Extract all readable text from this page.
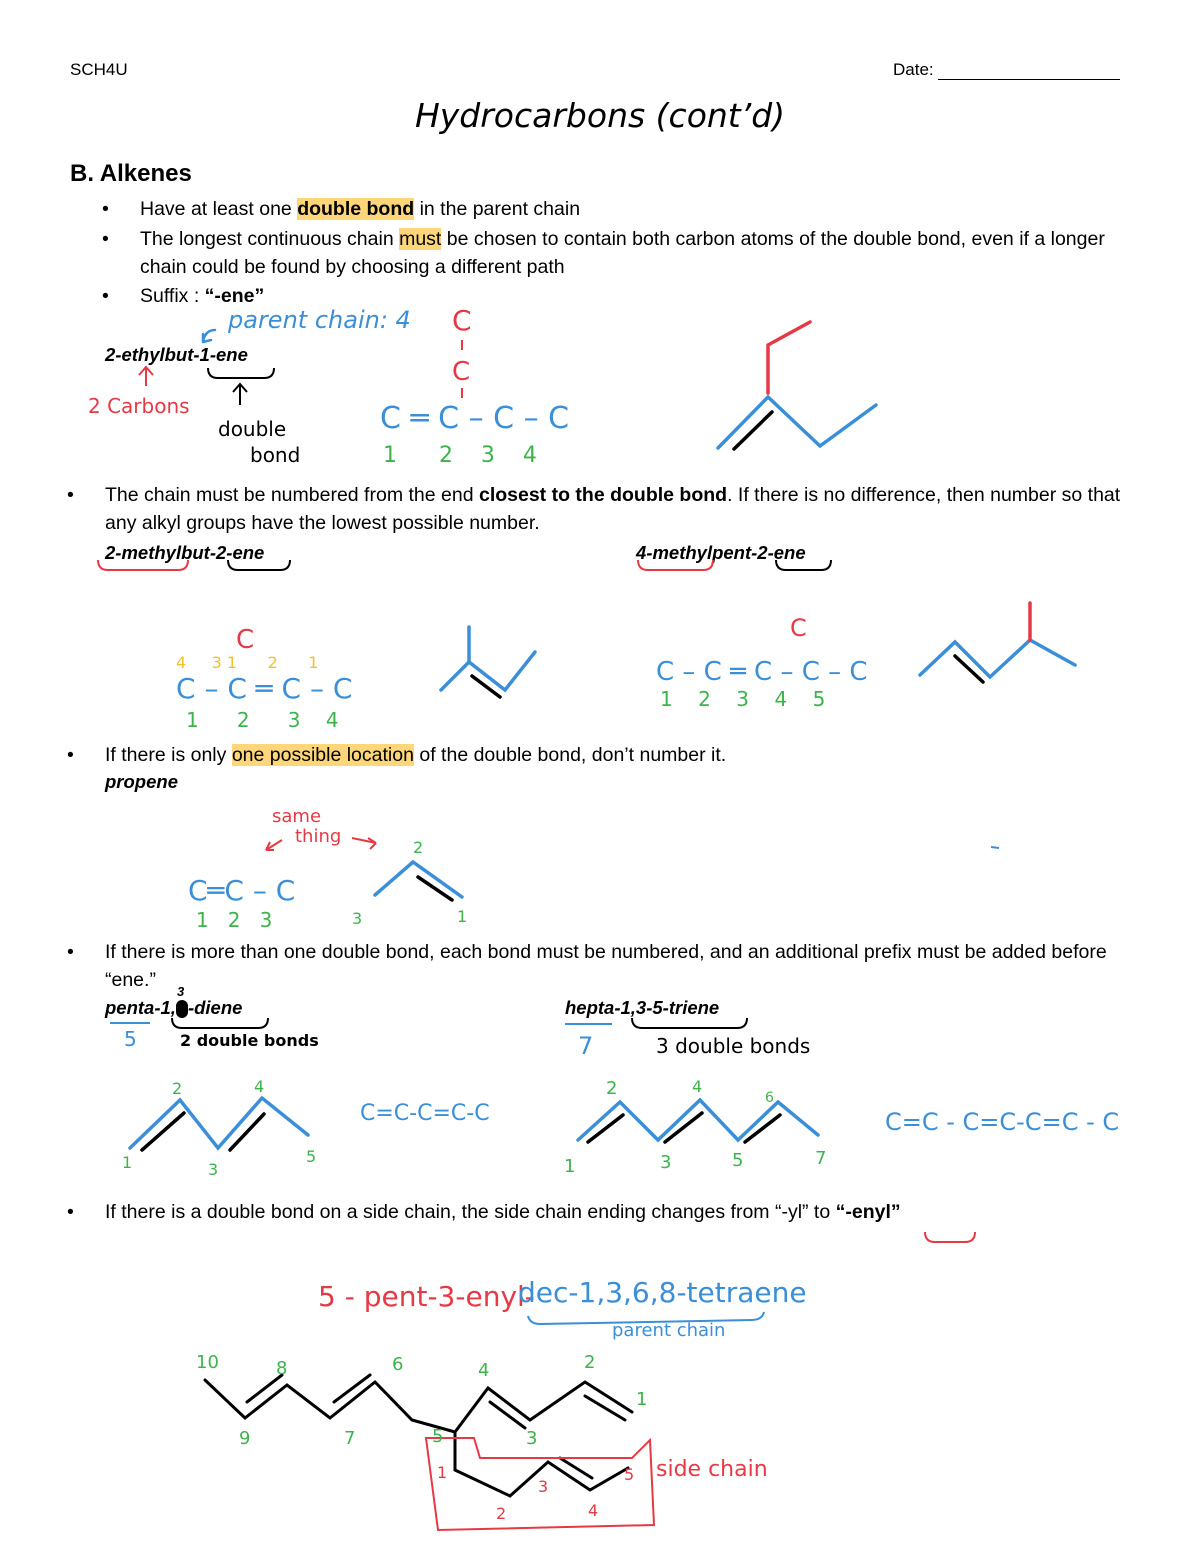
SCH4U	Date:
Hydrocarbons (cont’d)
B. Alkenes
• Have at least one double bond in the parent chain
• The longest continuous chain must be chosen to contain both carbon atoms of the double bond, even if a longer chain could be found by choosing a different path
• Suffix : “-ene”
2-ethylbut-1-ene
• The chain must be numbered from the end closest to the double bond. If there is no difference, then number so that any alkyl groups have the lowest possible number.
2-methylbut-2-ene	4-methylpent-2-ene
• If there is only one possible location of the double bond, don’t number it.
propene
• If there is more than one double bond, each bond must be numbered, and an additional prefix must be added before “ene.”
penta-1,
3
-diene	hepta-1,3-5-triene
• If there is a double bond on a side chain, the side chain ending changes from “-yl” to “-enyl”
parent chain: 4
double
bond
2 Carbons
C
C
C ═ C – C – C
1      2    3    4
C
4     3 1      2      1
C – C ═ C – C
1      2      3    4
C
C – C ═ C – C – C
1    2    3    4    5
same
thing
C═C – C
1   2   3
2
3	1
5	2 double bonds
2	4
1	3
5
C=C-C=C-C
7	3 double bonds
2	4
6
1	3	5	7
C=C - C=C-C=C - C
5 - pent-3-enyl-
dec-1,3,6,8-tetraene
parent chain
side chain
10	8	6	4	2
1
9	7	5	3
1
2
3
4
5
